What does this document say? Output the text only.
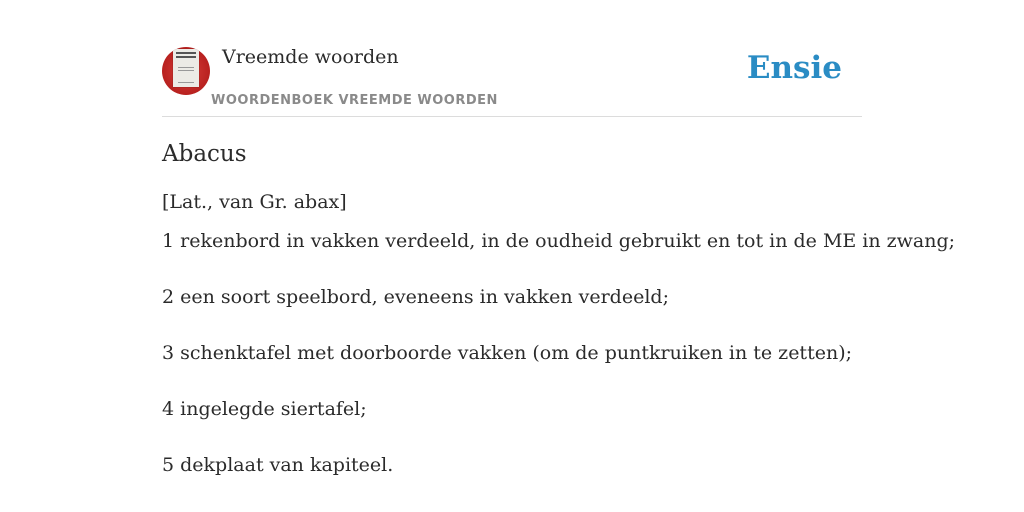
Vreemde woorden
WOORDENBOEK VREEMDE WOORDEN
Ensie
Abacus

[Lat., van Gr. abax]

1 rekenbord in vakken verdeeld, in de oudheid gebruikt en tot in de ME in zwang;
2 een soort speelbord, eveneens in vakken verdeeld;
3 schenktafel met doorboorde vakken (om de puntkruiken in te zetten);
4 ingelegde siertafel;
5 dekplaat van kapiteel.
